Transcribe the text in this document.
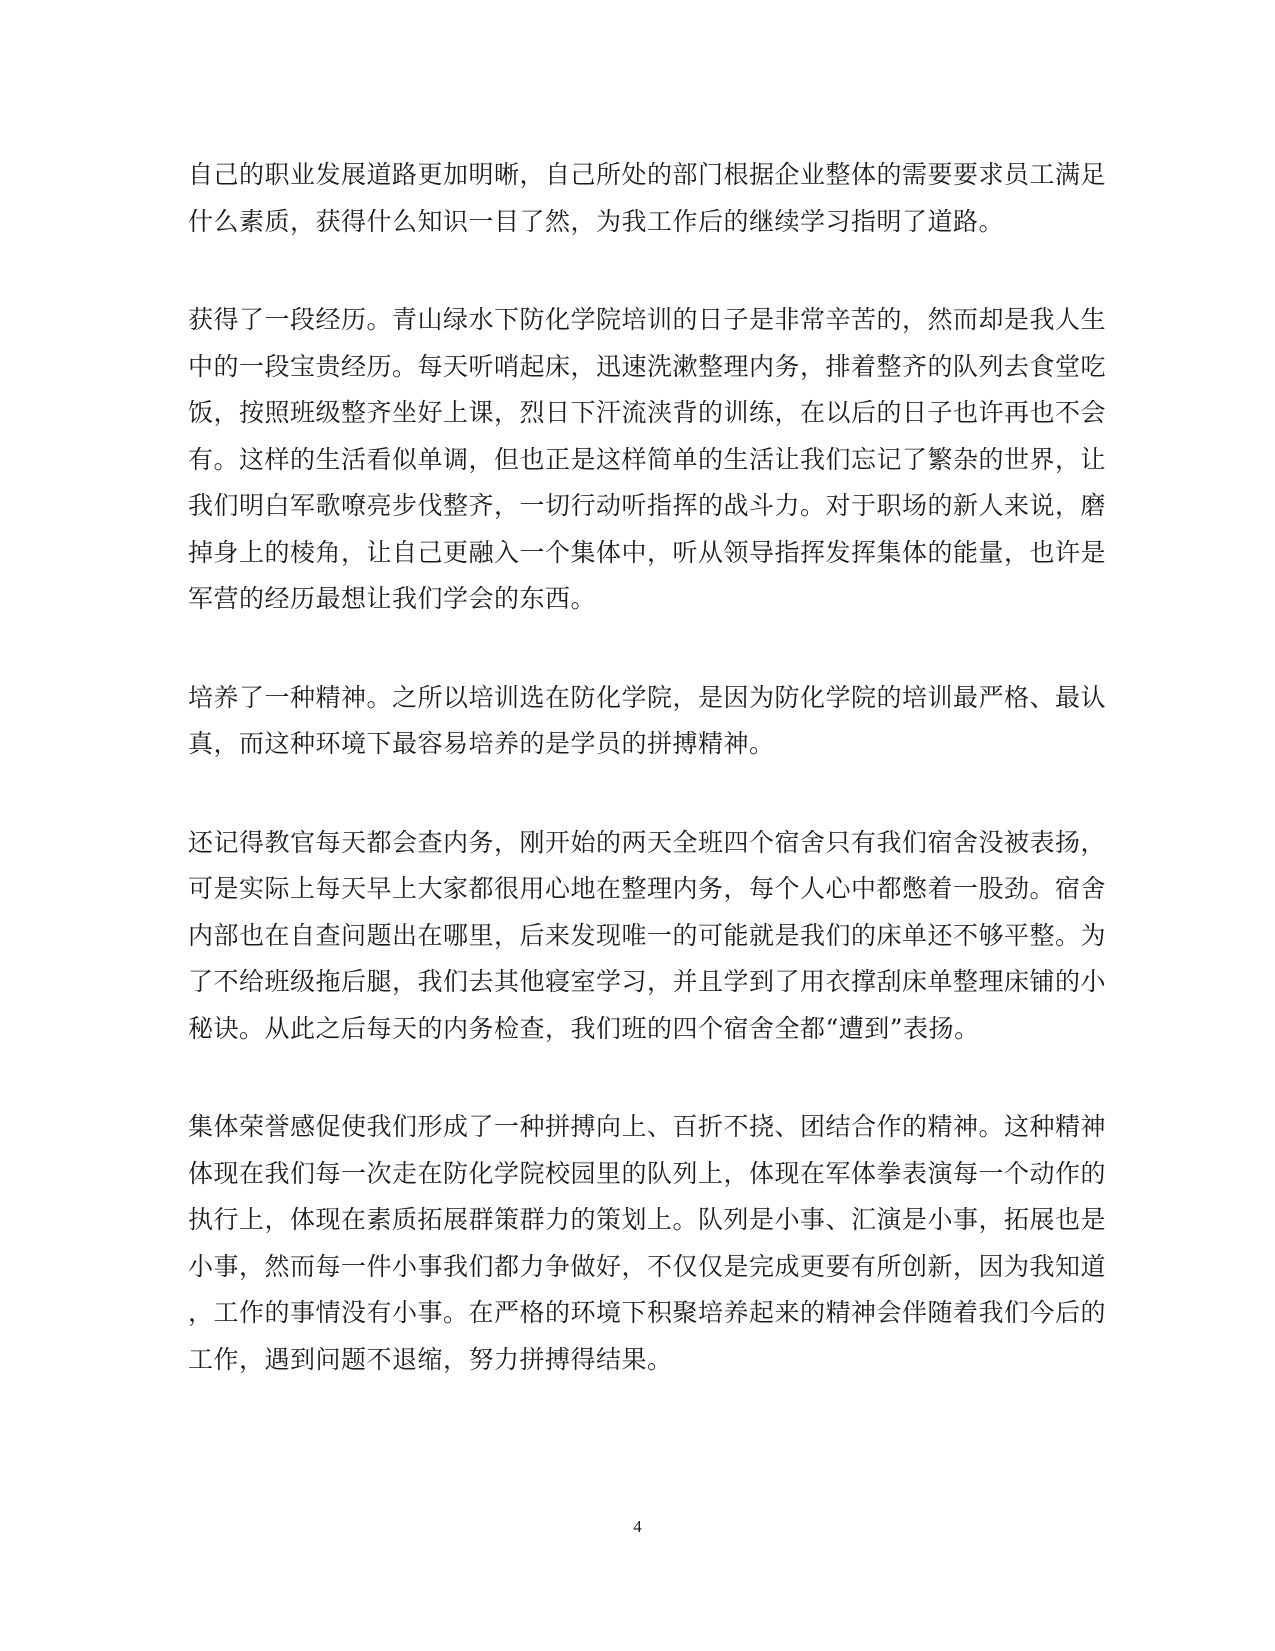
自己的职业发展道路更加明晰，自己所处的部门根据企业整体的需要要求员工满足
什么素质，获得什么知识一目了然，为我工作后的继续学习指明了道路。

获得了一段经历。青山绿水下防化学院培训的日子是非常辛苦的，然而却是我人生
中的一段宝贵经历。每天听哨起床，迅速洗漱整理内务，排着整齐的队列去食堂吃
饭，按照班级整齐坐好上课，烈日下汗流浃背的训练，在以后的日子也许再也不会
有。这样的生活看似单调，但也正是这样简单的生活让我们忘记了繁杂的世界，让
我们明白军歌嘹亮步伐整齐，一切行动听指挥的战斗力。对于职场的新人来说，磨
掉身上的棱角，让自己更融入一个集体中，听从领导指挥发挥集体的能量，也许是
军营的经历最想让我们学会的东西。

培养了一种精神。之所以培训选在防化学院，是因为防化学院的培训最严格、最认
真，而这种环境下最容易培养的是学员的拼搏精神。

还记得教官每天都会查内务，刚开始的两天全班四个宿舍只有我们宿舍没被表扬，
可是实际上每天早上大家都很用心地在整理内务，每个人心中都憋着一股劲。宿舍
内部也在自查问题出在哪里，后来发现唯一的可能就是我们的床单还不够平整。为
了不给班级拖后腿，我们去其他寝室学习，并且学到了用衣撑刮床单整理床铺的小
秘诀。从此之后每天的内务检查，我们班的四个宿舍全都“遭到”表扬。

集体荣誉感促使我们形成了一种拼搏向上、百折不挠、团结合作的精神。这种精神
体现在我们每一次走在防化学院校园里的队列上，体现在军体拳表演每一个动作的
执行上，体现在素质拓展群策群力的策划上。队列是小事、汇演是小事，拓展也是
小事，然而每一件小事我们都力争做好，不仅仅是完成更要有所创新，因为我知道
，工作的事情没有小事。在严格的环境下积聚培养起来的精神会伴随着我们今后的
工作，遇到问题不退缩，努力拼搏得结果。

4
